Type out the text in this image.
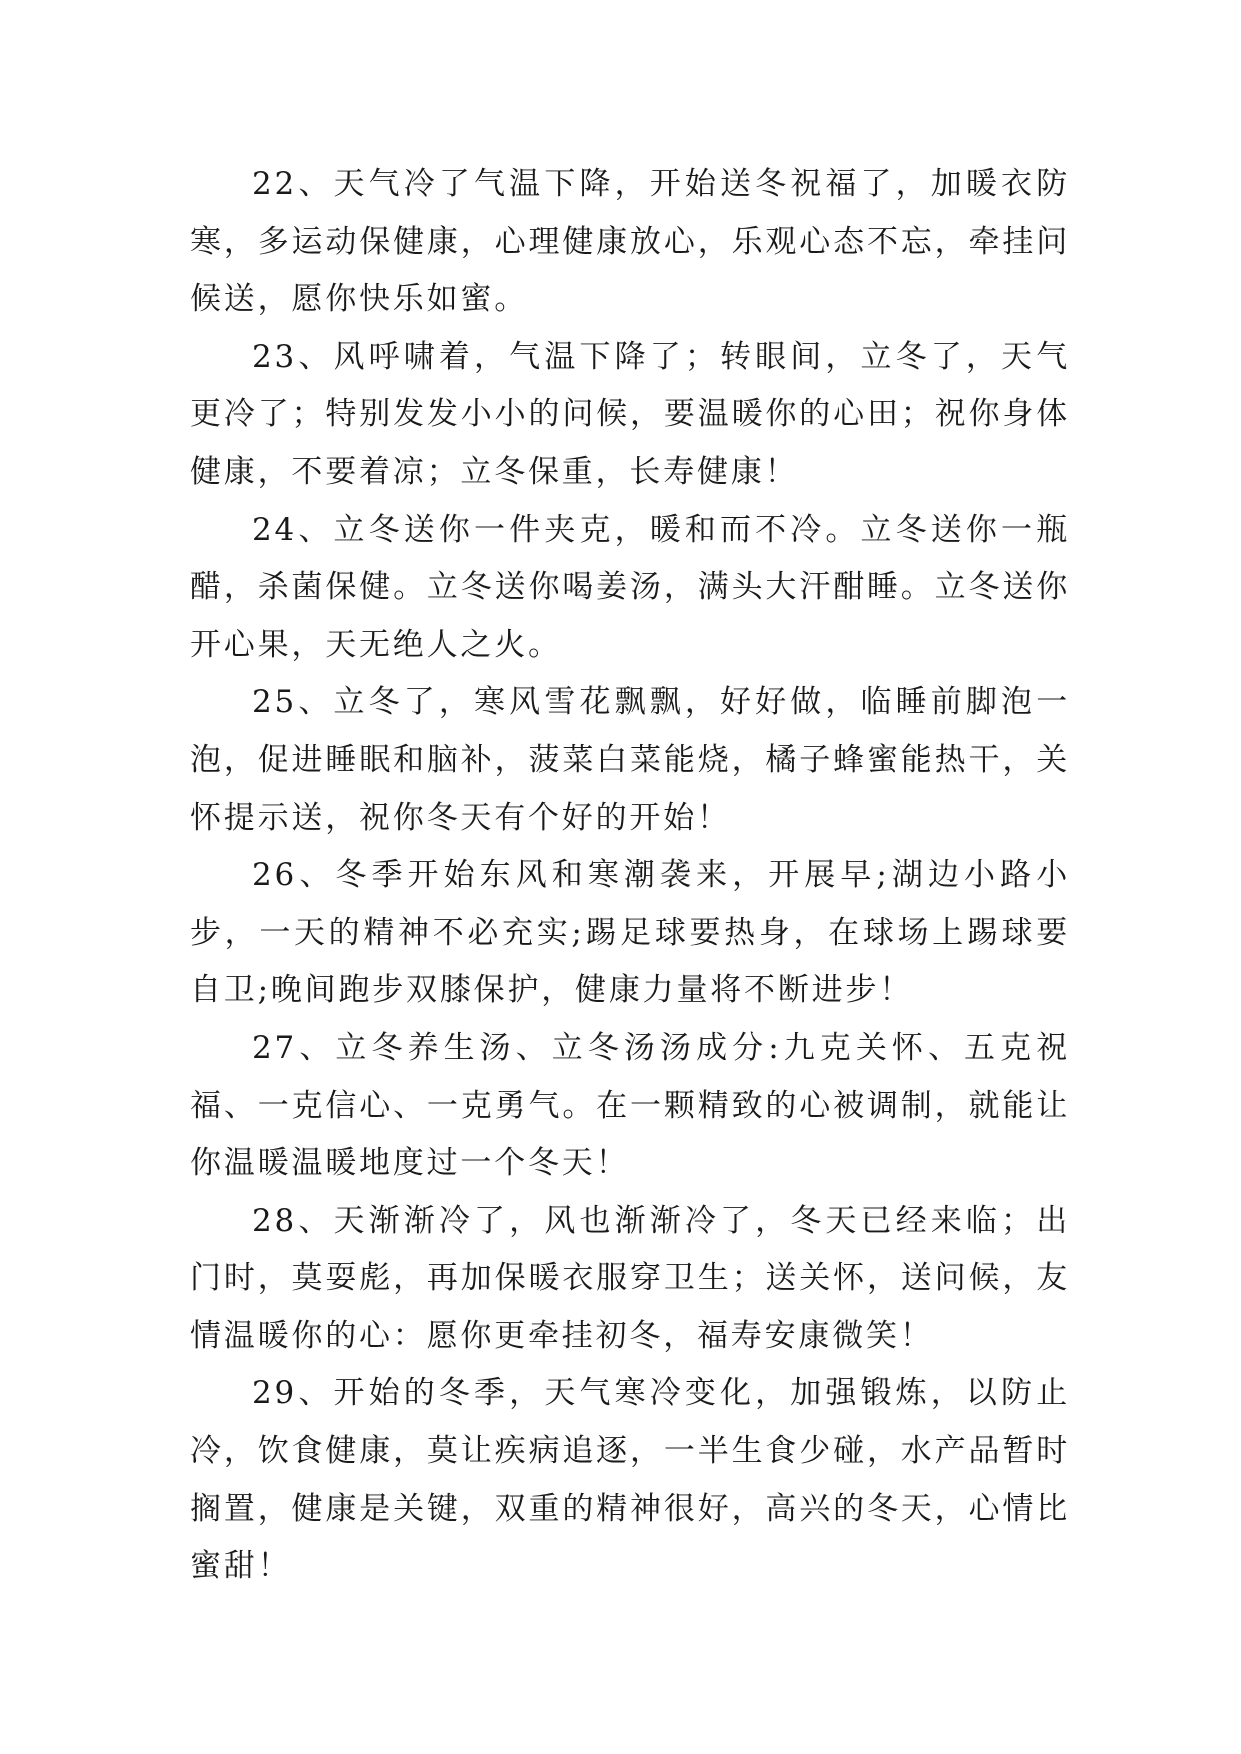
22、天气冷了气温下降，开始送冬祝福了，加暖衣防寒，多运动保健康，心理健康放心，乐观心态不忘，牵挂问候送，愿你快乐如蜜。

23、风呼啸着，气温下降了；转眼间，立冬了，天气更冷了；特别发发小小的问候，要温暖你的心田；祝你身体健康，不要着凉；立冬保重，长寿健康！

24、立冬送你一件夹克，暖和而不冷。立冬送你一瓶醋，杀菌保健。立冬送你喝姜汤，满头大汗酣睡。立冬送你开心果，天无绝人之火。

25、立冬了，寒风雪花飘飘，好好做，临睡前脚泡一泡，促进睡眠和脑补，菠菜白菜能烧，橘子蜂蜜能热干，关怀提示送，祝你冬天有个好的开始！

26、冬季开始东风和寒潮袭来，开展早;湖边小路小步，一天的精神不必充实;踢足球要热身，在球场上踢球要自卫;晚间跑步双膝保护，健康力量将不断进步！

27、立冬养生汤、立冬汤汤成分:九克关怀、五克祝福、一克信心、一克勇气。在一颗精致的心被调制，就能让你温暖温暖地度过一个冬天！

28、天渐渐冷了，风也渐渐冷了，冬天已经来临；出门时，莫耍彪，再加保暖衣服穿卫生；送关怀，送问候，友情温暖你的心：愿你更牵挂初冬，福寿安康微笑！

29、开始的冬季，天气寒冷变化，加强锻炼，以防止冷，饮食健康，莫让疾病追逐，一半生食少碰，水产品暂时搁置，健康是关键，双重的精神很好，高兴的冬天，心情比蜜甜！
